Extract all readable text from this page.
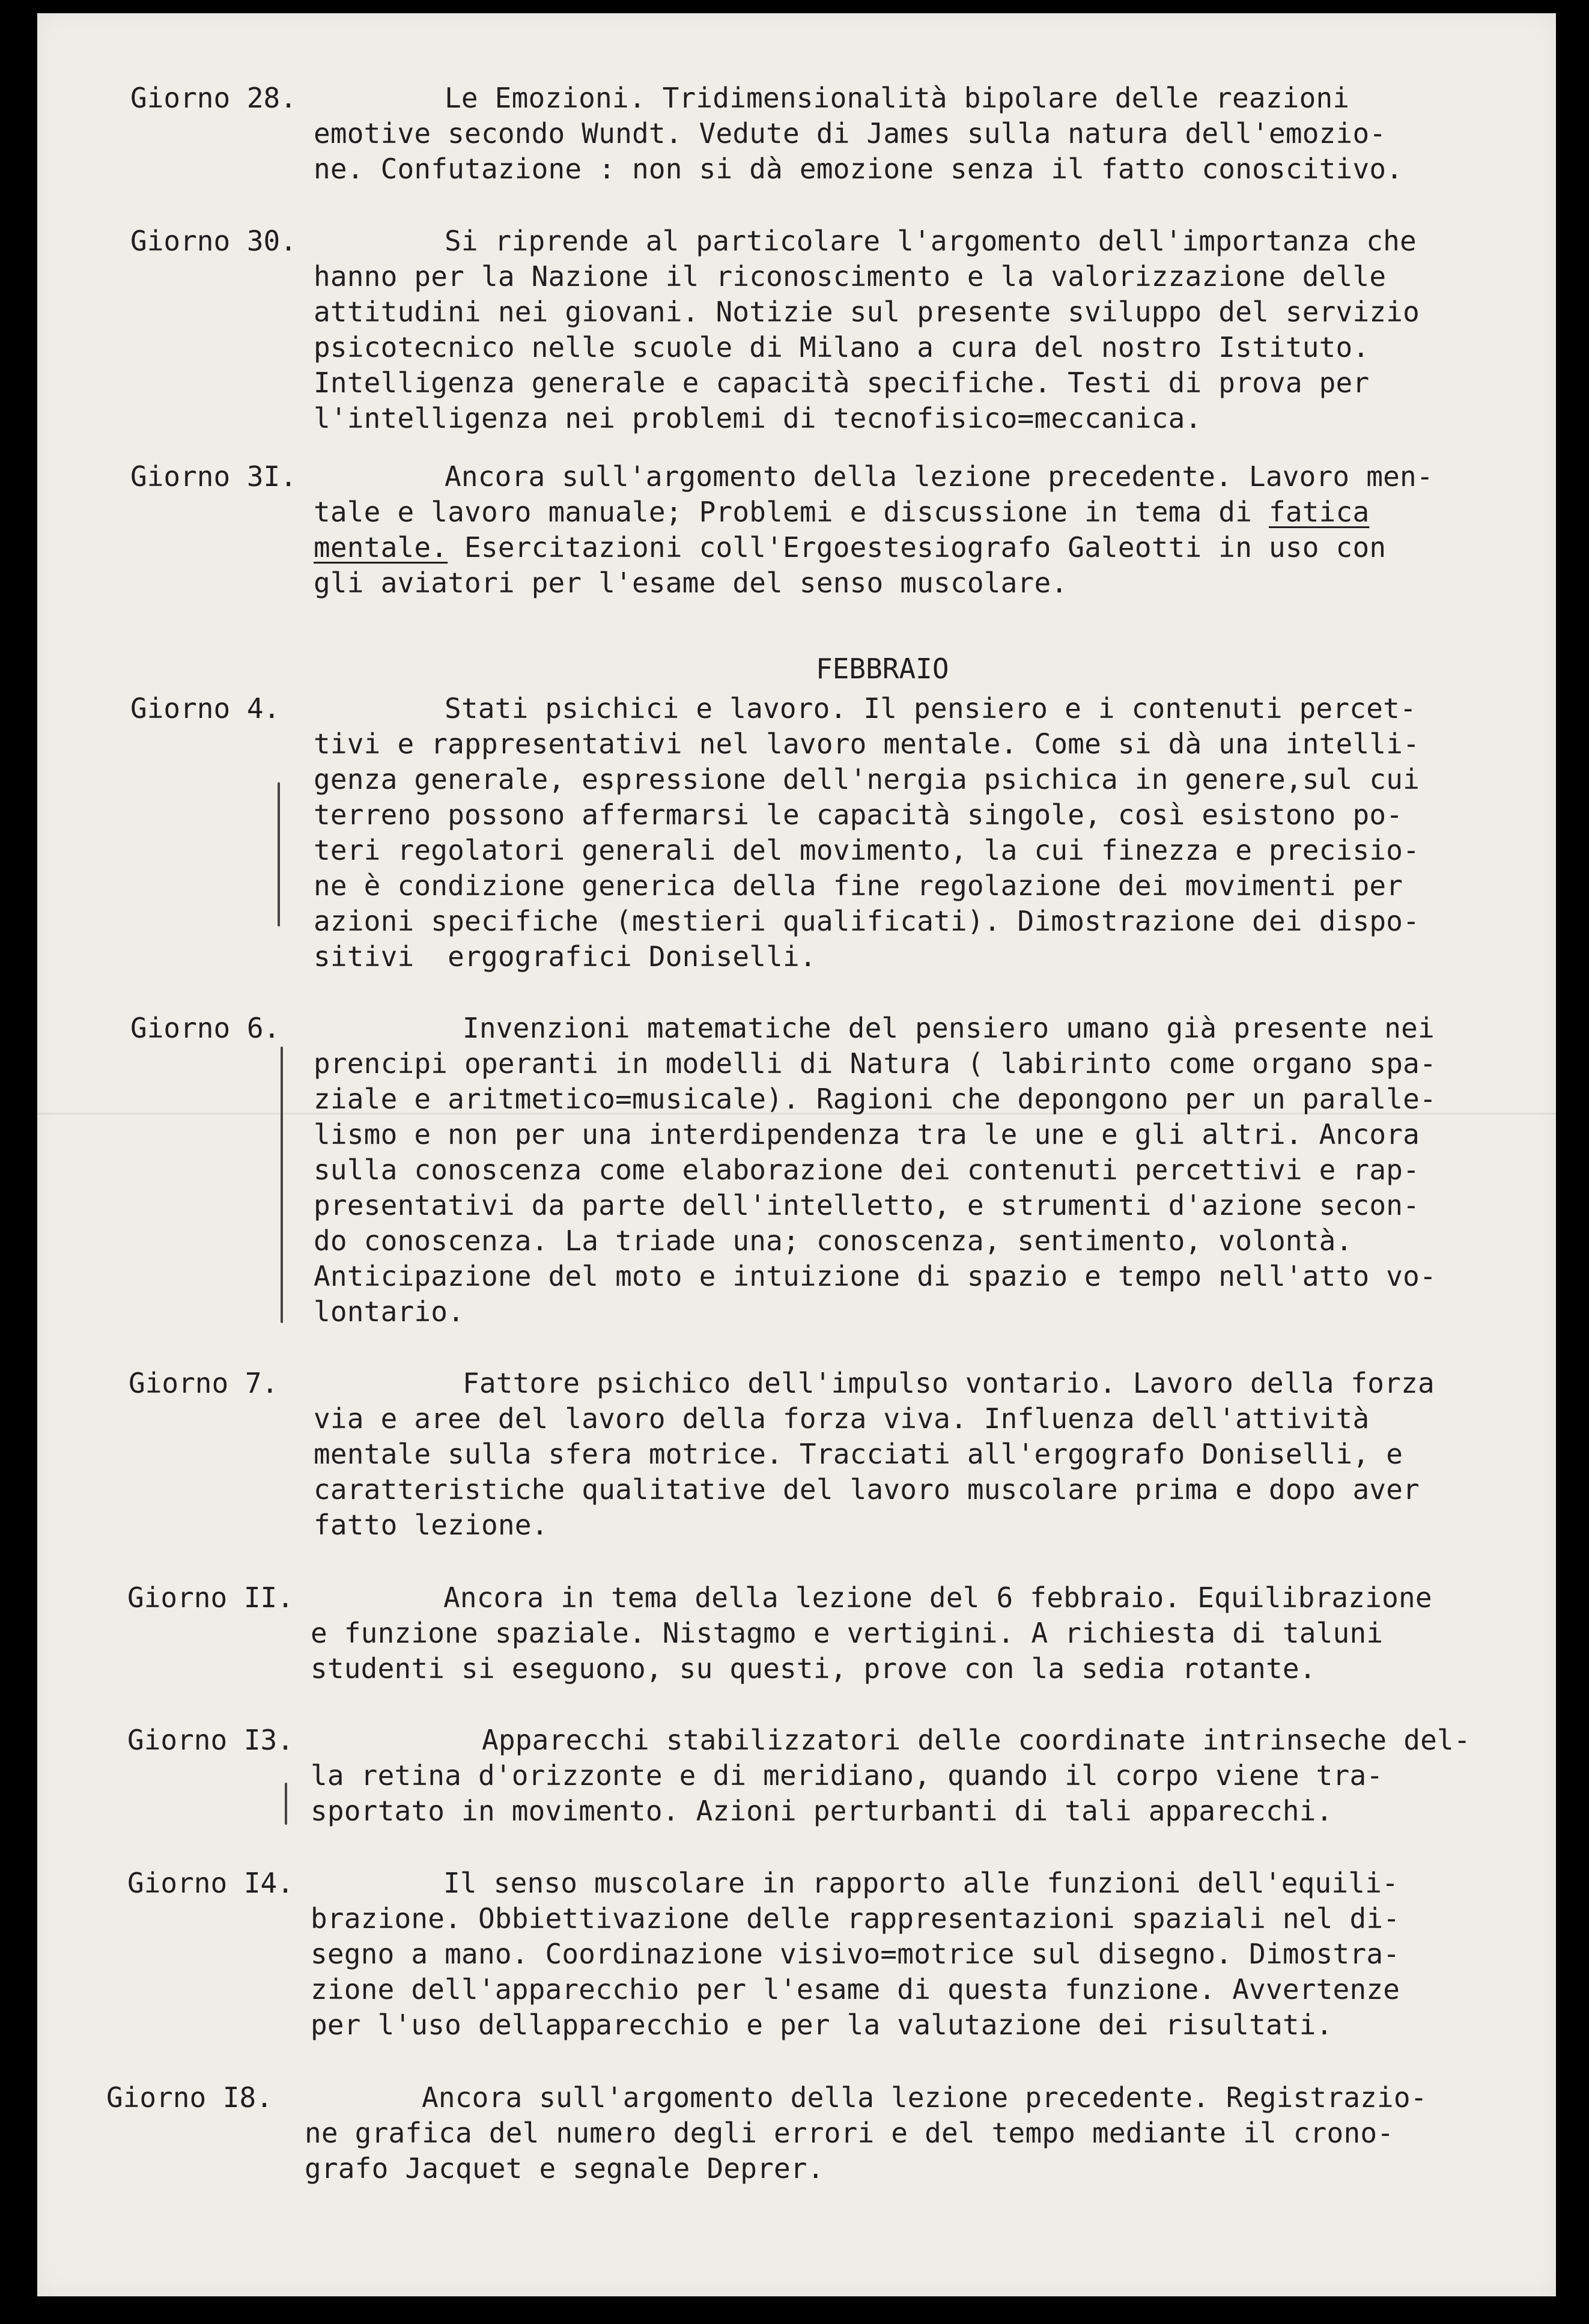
Giorno 28.	Le Emozioni. Tridimensionalità bipolare delle reazioni
emotive secondo Wundt. Vedute di James sulla natura dell'emozio-
ne. Confutazione : non si dà emozione senza il fatto conoscitivo.
Giorno 30.	Si riprende al particolare l'argomento dell'importanza che
hanno per la Nazione il riconoscimento e la valorizzazione delle
attitudini nei giovani. Notizie sul presente sviluppo del servizio
psicotecnico nelle scuole di Milano a cura del nostro Istituto.
Intelligenza generale e capacità specifiche. Testi di prova per
l'intelligenza nei problemi di tecnofisico=meccanica.
Giorno 3I.	Ancora sull'argomento della lezione precedente. Lavoro men-
tale e lavoro manuale; Problemi e discussione in tema di fatica
mentale. Esercitazioni coll'Ergoestesiografo Galeotti in uso con
gli aviatori per l'esame del senso muscolare.
FEBBRAIO
Giorno 4.	Stati psichici e lavoro. Il pensiero e i contenuti percet-
tivi e rappresentativi nel lavoro mentale. Come si dà una intelli-
genza generale, espressione dell'nergia psichica in genere,sul cui
terreno possono affermarsi le capacità singole, così esistono po-
teri regolatori generali del movimento, la cui finezza e precisio-
ne è condizione generica della fine regolazione dei movimenti per
azioni specifiche (mestieri qualificati). Dimostrazione dei dispo-
sitivi  ergografici Doniselli.
Giorno 6.	Invenzioni matematiche del pensiero umano già presente nei
prencipi operanti in modelli di Natura ( labirinto come organo spa-
ziale e aritmetico=musicale). Ragioni che depongono per un paralle-
lismo e non per una interdipendenza tra le une e gli altri. Ancora
sulla conoscenza come elaborazione dei contenuti percettivi e rap-
presentativi da parte dell'intelletto, e strumenti d'azione secon-
do conoscenza. La triade una; conoscenza, sentimento, volontà.
Anticipazione del moto e intuizione di spazio e tempo nell'atto vo-
lontario.
Giorno 7.	Fattore psichico dell'impulso vontario. Lavoro della forza
via e aree del lavoro della forza viva. Influenza dell'attività
mentale sulla sfera motrice. Tracciati all'ergografo Doniselli, e
caratteristiche qualitative del lavoro muscolare prima e dopo aver
fatto lezione.
Giorno II.	Ancora in tema della lezione del 6 febbraio. Equilibrazione
e funzione spaziale. Nistagmo e vertigini. A richiesta di taluni
studenti si eseguono, su questi, prove con la sedia rotante.
Giorno I3.	Apparecchi stabilizzatori delle coordinate intrinseche del-
la retina d'orizzonte e di meridiano, quando il corpo viene tra-
sportato in movimento. Azioni perturbanti di tali apparecchi.
Giorno I4.	Il senso muscolare in rapporto alle funzioni dell'equili-
brazione. Obbiettivazione delle rappresentazioni spaziali nel di-
segno a mano. Coordinazione visivo=motrice sul disegno. Dimostra-
zione dell'apparecchio per l'esame di questa funzione. Avvertenze
per l'uso dellapparecchio e per la valutazione dei risultati.
Giorno I8.	Ancora sull'argomento della lezione precedente. Registrazio-
ne grafica del numero degli errori e del tempo mediante il crono-
grafo Jacquet e segnale Deprer.
